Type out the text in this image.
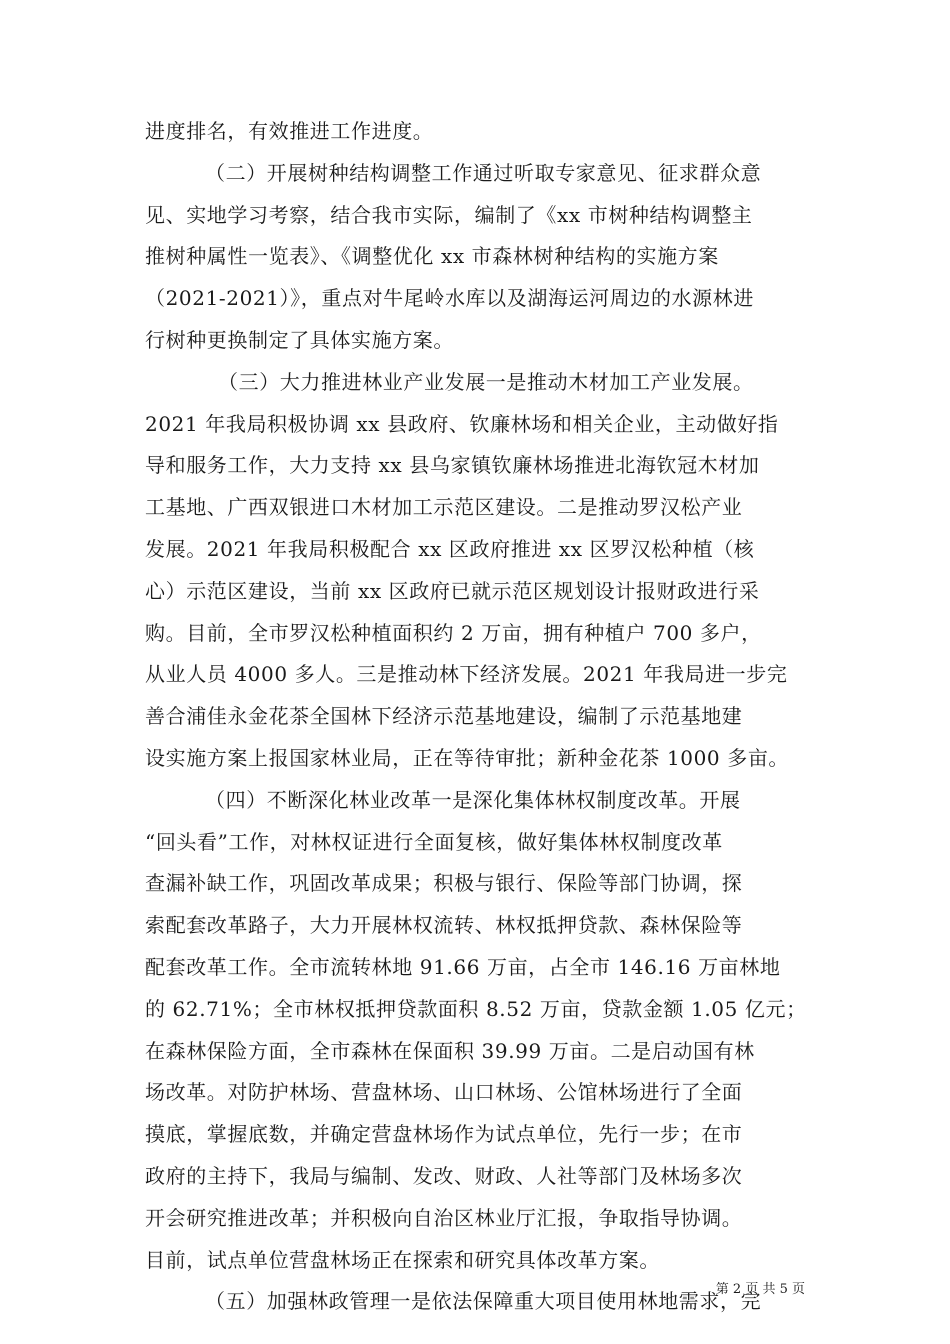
进度排名，有效推进工作进度。
（二）开展树种结构调整工作通过听取专家意见、征求群众意
见、实地学习考察，结合我市实际，编制了《xx 市树种结构调整主
推树种属性一览表》、《调整优化 xx 市森林树种结构的实施方案
（2021-2021）》，重点对牛尾岭水库以及湖海运河周边的水源林进
行树种更换制定了具体实施方案。
（三）大力推进林业产业发展一是推动木材加工产业发展。
2021 年我局积极协调 xx 县政府、钦廉林场和相关企业，主动做好指
导和服务工作，大力支持 xx 县乌家镇钦廉林场推进北海钦冠木材加
工基地、广西双银进口木材加工示范区建设。二是推动罗汉松产业
发展。2021 年我局积极配合 xx 区政府推进 xx 区罗汉松种植（核
心）示范区建设，当前 xx 区政府已就示范区规划设计报财政进行采
购。目前，全市罗汉松种植面积约 2 万亩，拥有种植户 700 多户，
从业人员 4000 多人。三是推动林下经济发展。2021 年我局进一步完
善合浦佳永金花茶全国林下经济示范基地建设，编制了示范基地建
设实施方案上报国家林业局，正在等待审批；新种金花茶 1000 多亩。
（四）不断深化林业改革一是深化集体林权制度改革。开展
“回头看”工作，对林权证进行全面复核，做好集体林权制度改革
查漏补缺工作，巩固改革成果；积极与银行、保险等部门协调，探
索配套改革路子，大力开展林权流转、林权抵押贷款、森林保险等
配套改革工作。全市流转林地 91.66 万亩，占全市 146.16 万亩林地
的 62.71%；全市林权抵押贷款面积 8.52 万亩，贷款金额 1.05 亿元；
在森林保险方面，全市森林在保面积 39.99 万亩。二是启动国有林
场改革。对防护林场、营盘林场、山口林场、公馆林场进行了全面
摸底，掌握底数，并确定营盘林场作为试点单位，先行一步；在市
政府的主持下，我局与编制、发改、财政、人社等部门及林场多次
开会研究推进改革；并积极向自治区林业厅汇报，争取指导协调。
目前，试点单位营盘林场正在探索和研究具体改革方案。
（五）加强林政管理一是依法保障重大项目使用林地需求，完
第 2 页 共 5 页
